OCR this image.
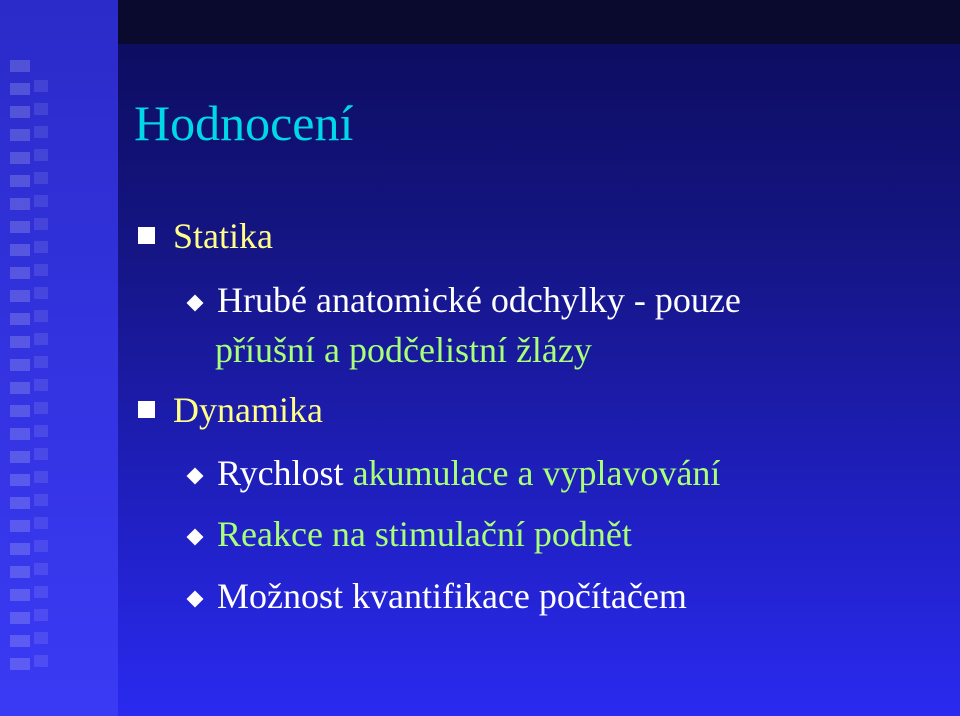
Hodnocení
Statika
Hrubé anatomické odchylky - pouze
příušní a podčelistní žlázy
Dynamika
Rychlost akumulace a vyplavování
Reakce na stimulační podnět
Možnost kvantifikace počítačem
